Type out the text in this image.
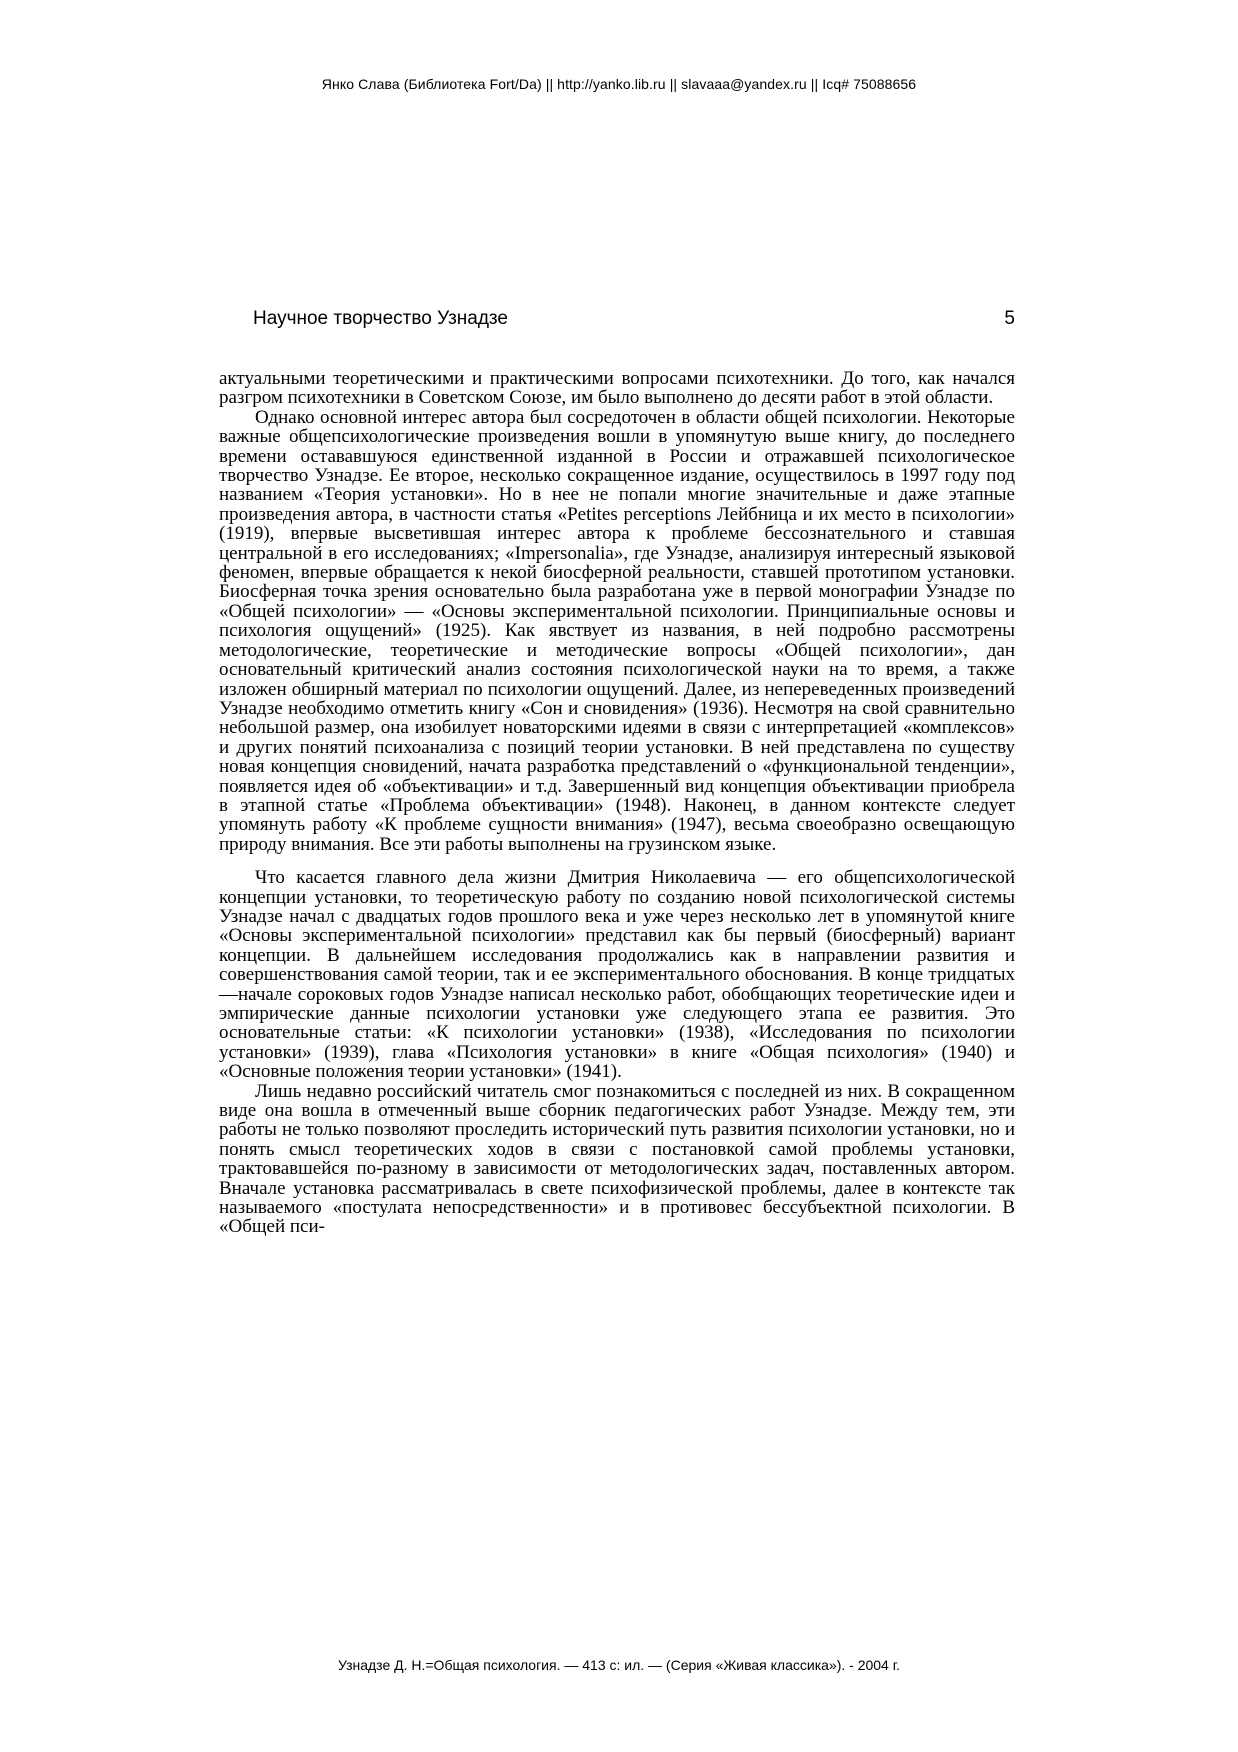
Янко Слава (Библиотека Fort/Da) || http://yanko.lib.ru || slavaaa@yandex.ru || Icq# 75088656
Научное творчество Узнадзе	5

актуальными теоретическими и практическими вопросами психотехники. До того, как начался разгром психотехники в Советском Союзе, им было выполнено до десяти работ в этой области.

Однако основной интерес автора был сосредоточен в области общей психологии. Некоторые важные общепсихологические произведения вошли в упомянутую выше книгу, до последнего времени остававшуюся единственной изданной в России и отражавшей психологическое творчество Узнадзе. Ее второе, несколько сокращенное издание, осуществилось в 1997 году под названием «Теория установки». Но в нее не попали многие значительные и даже этапные произведения автора, в частности статья «Petites perceptions Лейбница и их место в психологии» (1919), впервые высветившая интерес автора к проблеме бессознательного и ставшая центральной в его исследованиях; «Impersonalia», где Узнадзе, анализируя интересный языковой феномен, впервые обращается к некой биосферной реальности, ставшей прототипом установки. Биосферная точка зрения основательно была разработана уже в первой монографии Узнадзе по «Общей психологии» — «Основы экспериментальной психологии. Принципиальные основы и психология ощущений» (1925). Как явствует из названия, в ней подробно рассмотрены методологические, теоретические и методические вопросы «Общей психологии», дан основательный критический анализ состояния психологической науки на то время, а также изложен обширный материал по психологии ощущений. Далее, из непереведенных произведений Узнадзе необходимо отметить книгу «Сон и сновидения» (1936). Несмотря на свой сравнительно небольшой размер, она изобилует новаторскими идеями в связи с интерпретацией «комплексов» и других понятий психоанализа с позиций теории установки. В ней представлена по существу новая концепция сновидений, начата разработка представлений о «функциональной тенденции», появляется идея об «объективации» и т.д. Завершенный вид концепция объективации приобрела в этапной статье «Проблема объективации» (1948). Наконец, в данном контексте следует упомянуть работу «К проблеме сущности внимания» (1947), весьма своеобразно освещающую природу внимания. Все эти работы выполнены на грузинском языке.

Что касается главного дела жизни Дмитрия Николаевича — его общепсихологической концепции установки, то теоретическую работу по созданию новой психологической системы Узнадзе начал с двадцатых годов прошлого века и уже через несколько лет в упомянутой книге «Основы экспериментальной психологии» представил как бы первый (биосферный) вариант концепции. В дальнейшем исследования продолжались как в направлении развития и совершенствования самой теории, так и ее экспериментального обоснования. В конце тридцатых—начале сороковых годов Узнадзе написал несколько работ, обобщающих теоретические идеи и эмпирические данные психологии установки уже следующего этапа ее развития. Это основательные статьи: «К психологии установки» (1938), «Исследования по психологии установки» (1939), глава «Психология установки» в книге «Общая психология» (1940) и «Основные положения теории установки» (1941).

Лишь недавно российский читатель смог познакомиться с последней из них. В сокращенном виде она вошла в отмеченный выше сборник педагогических работ Узнадзе. Между тем, эти работы не только позволяют проследить исторический путь развития психологии установки, но и понять смысл теоретических ходов в связи с постановкой самой проблемы установки, трактовавшейся по-разному в зависимости от методологических задач, поставленных автором. Вначале установка рассматривалась в свете психофизической проблемы, далее в контексте так называемого «постулата непосредственности» и в противовес бессубъектной психологии. В «Общей пси-

Узнадзе Д. Н.=Общая психология. — 413 с: ил. — (Серия «Живая классика»). - 2004 г.
